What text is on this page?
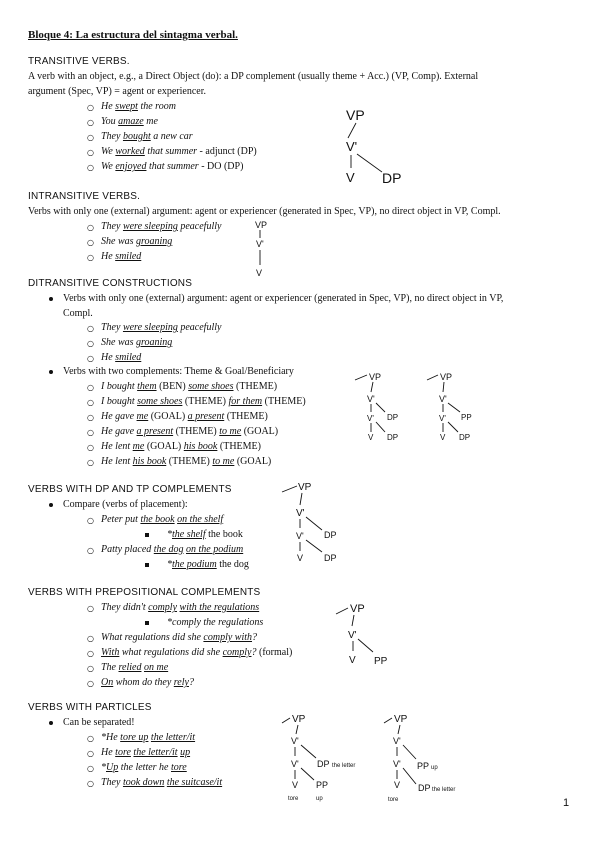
Bloque 4: La estructura del sintagma verbal.
TRANSITIVE VERBS.
A verb with an object, e.g., a Direct Object (do): a DP complement (usually theme + Acc.) (VP, Comp). External
argument (Spec, VP) = agent or experiencer.
○ He swept the room
○ You amaze me
○ They bought a new car
○ We worked that summer - adjunct (DP)
○ We enjoyed that summer - DO (DP)
VP
V'
V DP
INTRANSITIVE VERBS.
Verbs with only one (external) argument: agent or experiencer (generated in Spec, VP), no direct object in VP, Compl.
○ They were sleeping peacefully
○ She was groaning
○ He smiled
VP
V'
V
DITRANSITIVE CONSTRUCTIONS
Verbs with only one (external) argument: agent or experiencer (generated in Spec, VP), no direct object in VP,
Compl.
○ They were sleeping peacefully
○ She was groaning
○ He smiled
Verbs with two complements: Theme & Goal/Beneficiary
○ I bought them (BEN) some shoes (THEME)
○ I bought some shoes (THEME) for them (THEME)
○ He gave me (GOAL) a present (THEME)
○ He gave a present (THEME) to me (GOAL)
○ He lent me (GOAL) his book (THEME)
○ He lent his book (THEME) to me (GOAL)
VP
V'
V' DP
V DP
VP
V'
V' PP
V DP
VERBS WITH DP AND TP COMPLEMENTS
Compare (verbs of placement):
○ Peter put the book on the shelf
*the shelf the book
○ Patty placed the dog on the podium
*the podium the dog
VP
V'
V' DP
V DP
VERBS WITH PREPOSITIONAL COMPLEMENTS
○ They didn't comply with the regulations
*comply the regulations
○ What regulations did she comply with?
○ With what regulations did she comply? (formal)
○ The relied on me
○ On whom do they rely?
VP
V'
V PP
VERBS WITH PARTICLES
Can be separated!
○ *He tore up the letter/it
○ He tore the letter/it up
○ *Up the letter he tore
○ They took down the suitcase/it
VP
V'
V' DP the letter
V PP
tore	up
VP
V'
V' PP up
V DP the letter
tore	1
